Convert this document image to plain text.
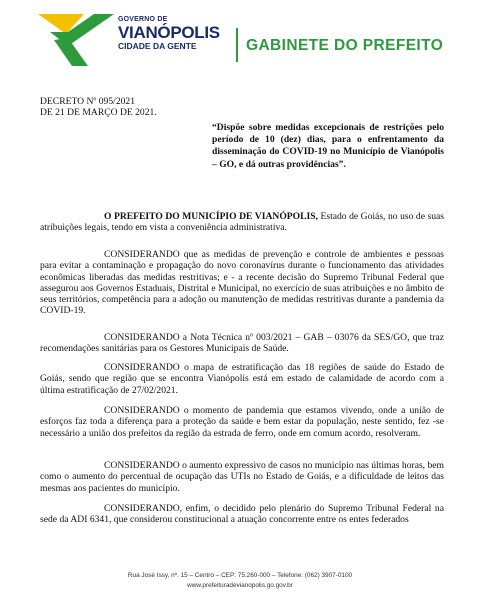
GOVERNO DE
VIANÓPOLIS
CIDADE DA GENTE	GABINETE DO PREFEITO
DECRETO Nº 095/2021
DE 21 DE MARÇO DE 2021.
“Dispõe sobre medidas excepcionais de restrições pelo período de 10 (dez) dias, para o enfrentamento da disseminação do COVID-19 no Município de Vianópolis – GO, e dá outras providências”.

O PREFEITO DO MUNICÍPIO DE VIANÓPOLIS, Estado de Goiás, no uso de suas atribuições legais, tendo em vista a conveniência administrativa.

CONSIDERANDO que as medidas de prevenção e controle de ambientes e pessoas para evitar a contaminação e propagação do novo coronavírus durante o funcionamento das atividades econômicas liberadas das medidas restritivas; e - a recente decisão do Supremo Tribunal Federal que assegurou aos Governos Estaduais, Distrital e Municipal, no exercício de suas atribuições e no âmbito de seus territórios, competência para a adoção ou manutenção de medidas restritivas durante a pandemia da COVID-19.

CONSIDERANDO a Nota Técnica nº 003/2021 – GAB – 03076 da SES/GO, que traz recomendações sanitárias para os Gestores Municipais de Saúde.

CONSIDERANDO o mapa de estratificação das 18 regiões de saúde do Estado de Goiás, sendo que região que se encontra Vianópolis está em estado de calamidade de acordo com a última estratificação de 27/02/2021.

CONSIDERANDO o momento de pandemia que estamos vivendo, onde a união de esforços faz toda a diferença para a proteção da saúde e bem estar da população, neste sentido, fez -se necessário a união dos prefeitos da região da estrada de ferro, onde em comum acordo, resolveram.

CONSIDERANDO o aumento expressivo de casos no município nas últimas horas, bem como o aumento do percentual de ocupação das UTIs no Estado de Goiás, e a dificuldade de leitos das mesmas aos pacientes do município.

CONSIDERANDO, enfim, o decidido pelo plenário do Supremo Tribunal Federal na sede da ADI 6341, que considerou constitucional a atuação concorrente entre os entes federados

Rua José Issy, nº. 15 – Centro – CEP: 75.260-000 – Telefone: (062) 3907-0100
www.prefeituradevianopolis.go.gov.br
